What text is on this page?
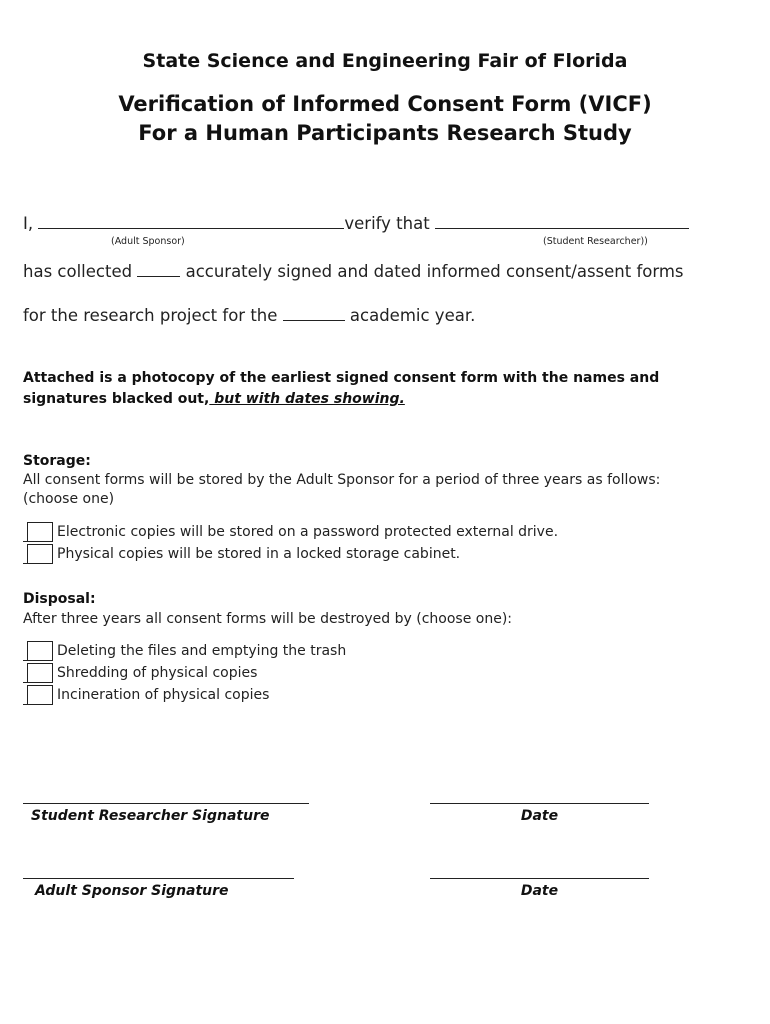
State Science and Engineering Fair of Florida
Verification of Informed Consent Form (VICF)
For a Human Participants Research Study
I,	verify that
(Adult Sponsor)	(Student Researcher))
has collected	accurately signed and dated informed consent/assent forms
for the research project for the	academic year.
Attached is a photocopy of the earliest signed consent form with the names and
signatures blacked out, but with dates showing.
Storage:
All consent forms will be stored by the Adult Sponsor for a period of three years as follows:
(choose one)
Electronic copies will be stored on a password protected external drive.
Physical copies will be stored in a locked storage cabinet.
Disposal:
After three years all consent forms will be destroyed by (choose one):
Deleting the files and emptying the trash
Shredding of physical copies
Incineration of physical copies
Student Researcher Signature	Date
Adult Sponsor Signature	Date
